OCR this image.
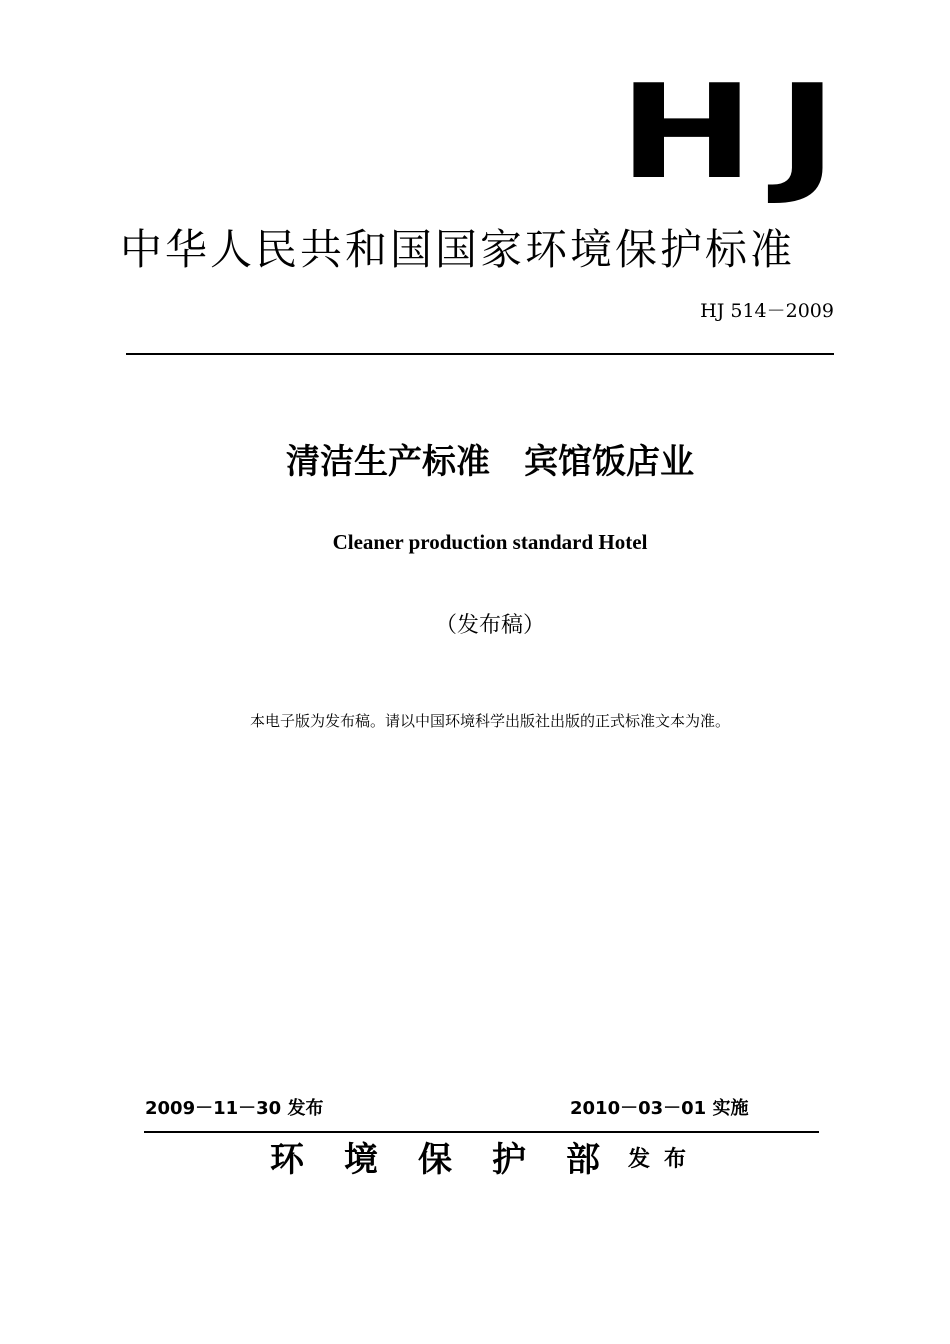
HJ
中华人民共和国国家环境保护标准
HJ 514－2009
清洁生产标准　宾馆饭店业
Cleaner production standard Hotel
（发布稿）
本电子版为发布稿。请以中国环境科学出版社出版的正式标准文本为准。
2009－11－30 发布	2010－03－01 实施
环境保护部发布
